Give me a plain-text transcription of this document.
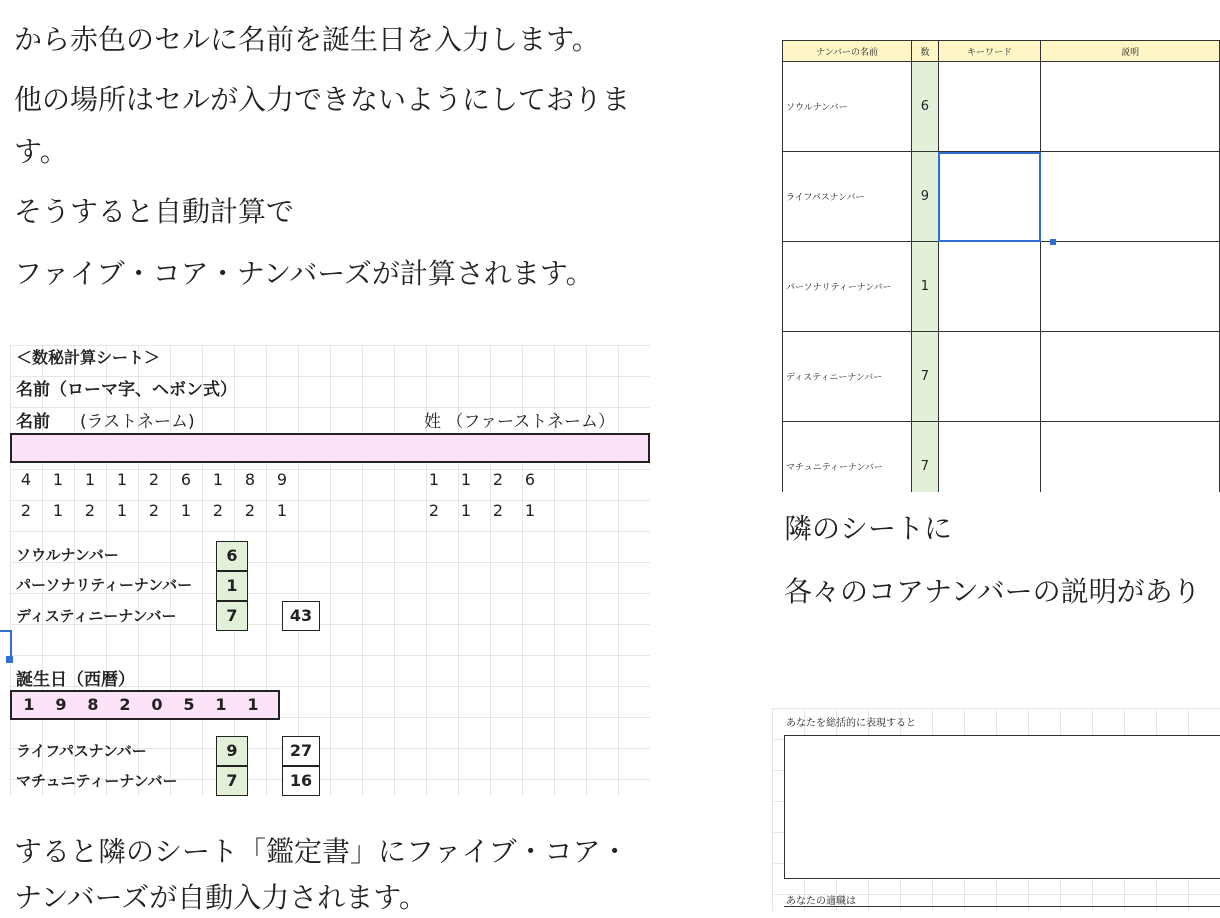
から赤色のセルに名前を誕生日を入力します。
他の場所はセルが入力できないようにしておりま
す。
そうすると自動計算で
ファイブ・コア・ナンバーズが計算されます。
＜数秘計算シート＞
名前（ローマ字、ヘボン式）
名前 (ラストネーム)	姓 （ファーストネーム）
4	1	1	1	2	6	1	8	9	1	1	2	6
2	1	2	1	2	1	2	2	1	2	1	2	1
ソウルナンバー	6
パーソナリティーナンバー	1
ディスティニーナンバー	7	43
誕生日（西暦）
1	9	8	2	0	5	1	1
ライフパスナンバー	9	27
マチュニティーナンバー	7	16
すると隣のシート「鑑定書」にファイブ・コア・
ナンバーズが自動入力されます。
ナンバーの名前	数	キーワード	説明
ソウルナンバー	6		
ライフパスナンバー	9		
パーソナリティーナンバー	1		
ディスティニーナンバー	7		
マチュニティーナンバー	7		
隣のシートに
各々のコアナンバーの説明があり
あなたを総括的に表現すると
あなたの適職は
